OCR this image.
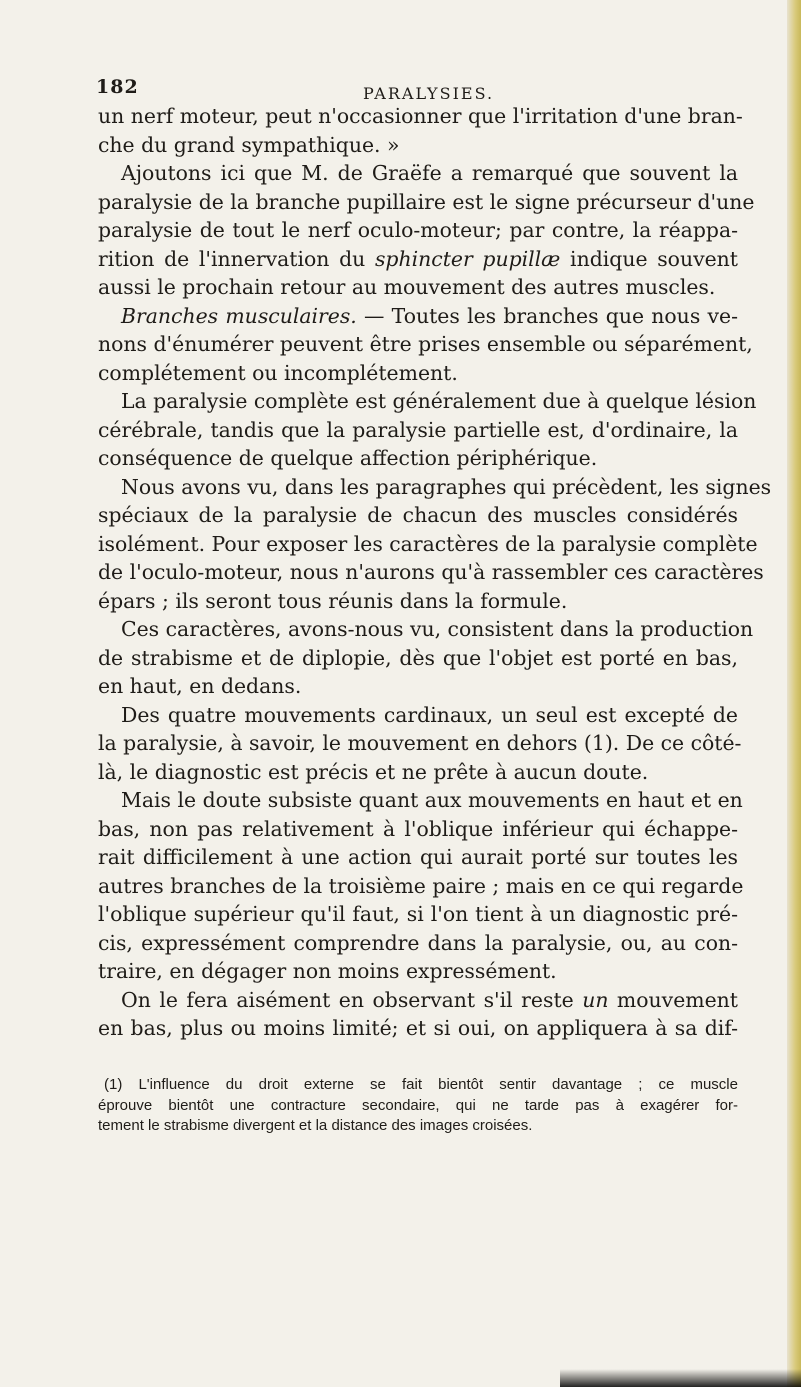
182	PARALYSIES.
un nerf moteur, peut n'occasionner que l'irritation d'une bran-
che du grand sympathique. »
Ajoutons ici que M. de Graëfe a remarqué que souvent la
paralysie de la branche pupillaire est le signe précurseur d'une
paralysie de tout le nerf oculo-moteur; par contre, la réappa-
rition de l'innervation du sphincter pupillæ indique souvent
aussi le prochain retour au mouvement des autres muscles.
Branches musculaires. — Toutes les branches que nous ve-
nons d'énumérer peuvent être prises ensemble ou séparément,
complétement ou incomplétement.
La paralysie complète est généralement due à quelque lésion
cérébrale, tandis que la paralysie partielle est, d'ordinaire, la
conséquence de quelque affection périphérique.
Nous avons vu, dans les paragraphes qui précèdent, les signes
spéciaux de la paralysie de chacun des muscles considérés
isolément. Pour exposer les caractères de la paralysie complète
de l'oculo-moteur, nous n'aurons qu'à rassembler ces caractères
épars ; ils seront tous réunis dans la formule.
Ces caractères, avons-nous vu, consistent dans la production
de strabisme et de diplopie, dès que l'objet est porté en bas,
en haut, en dedans.
Des quatre mouvements cardinaux, un seul est excepté de
la paralysie, à savoir, le mouvement en dehors (1). De ce côté-
là, le diagnostic est précis et ne prête à aucun doute.
Mais le doute subsiste quant aux mouvements en haut et en
bas, non pas relativement à l'oblique inférieur qui échappe-
rait difficilement à une action qui aurait porté sur toutes les
autres branches de la troisième paire ; mais en ce qui regarde
l'oblique supérieur qu'il faut, si l'on tient à un diagnostic pré-
cis, expressément comprendre dans la paralysie, ou, au con-
traire, en dégager non moins expressément.
On le fera aisément en observant s'il reste un mouvement
en bas, plus ou moins limité; et si oui, on appliquera à sa dif-
(1) L'influence du droit externe se fait bientôt sentir davantage ; ce muscle
éprouve bientôt une contracture secondaire, qui ne tarde pas à exagérer for-
tement le strabisme divergent et la distance des images croisées.
